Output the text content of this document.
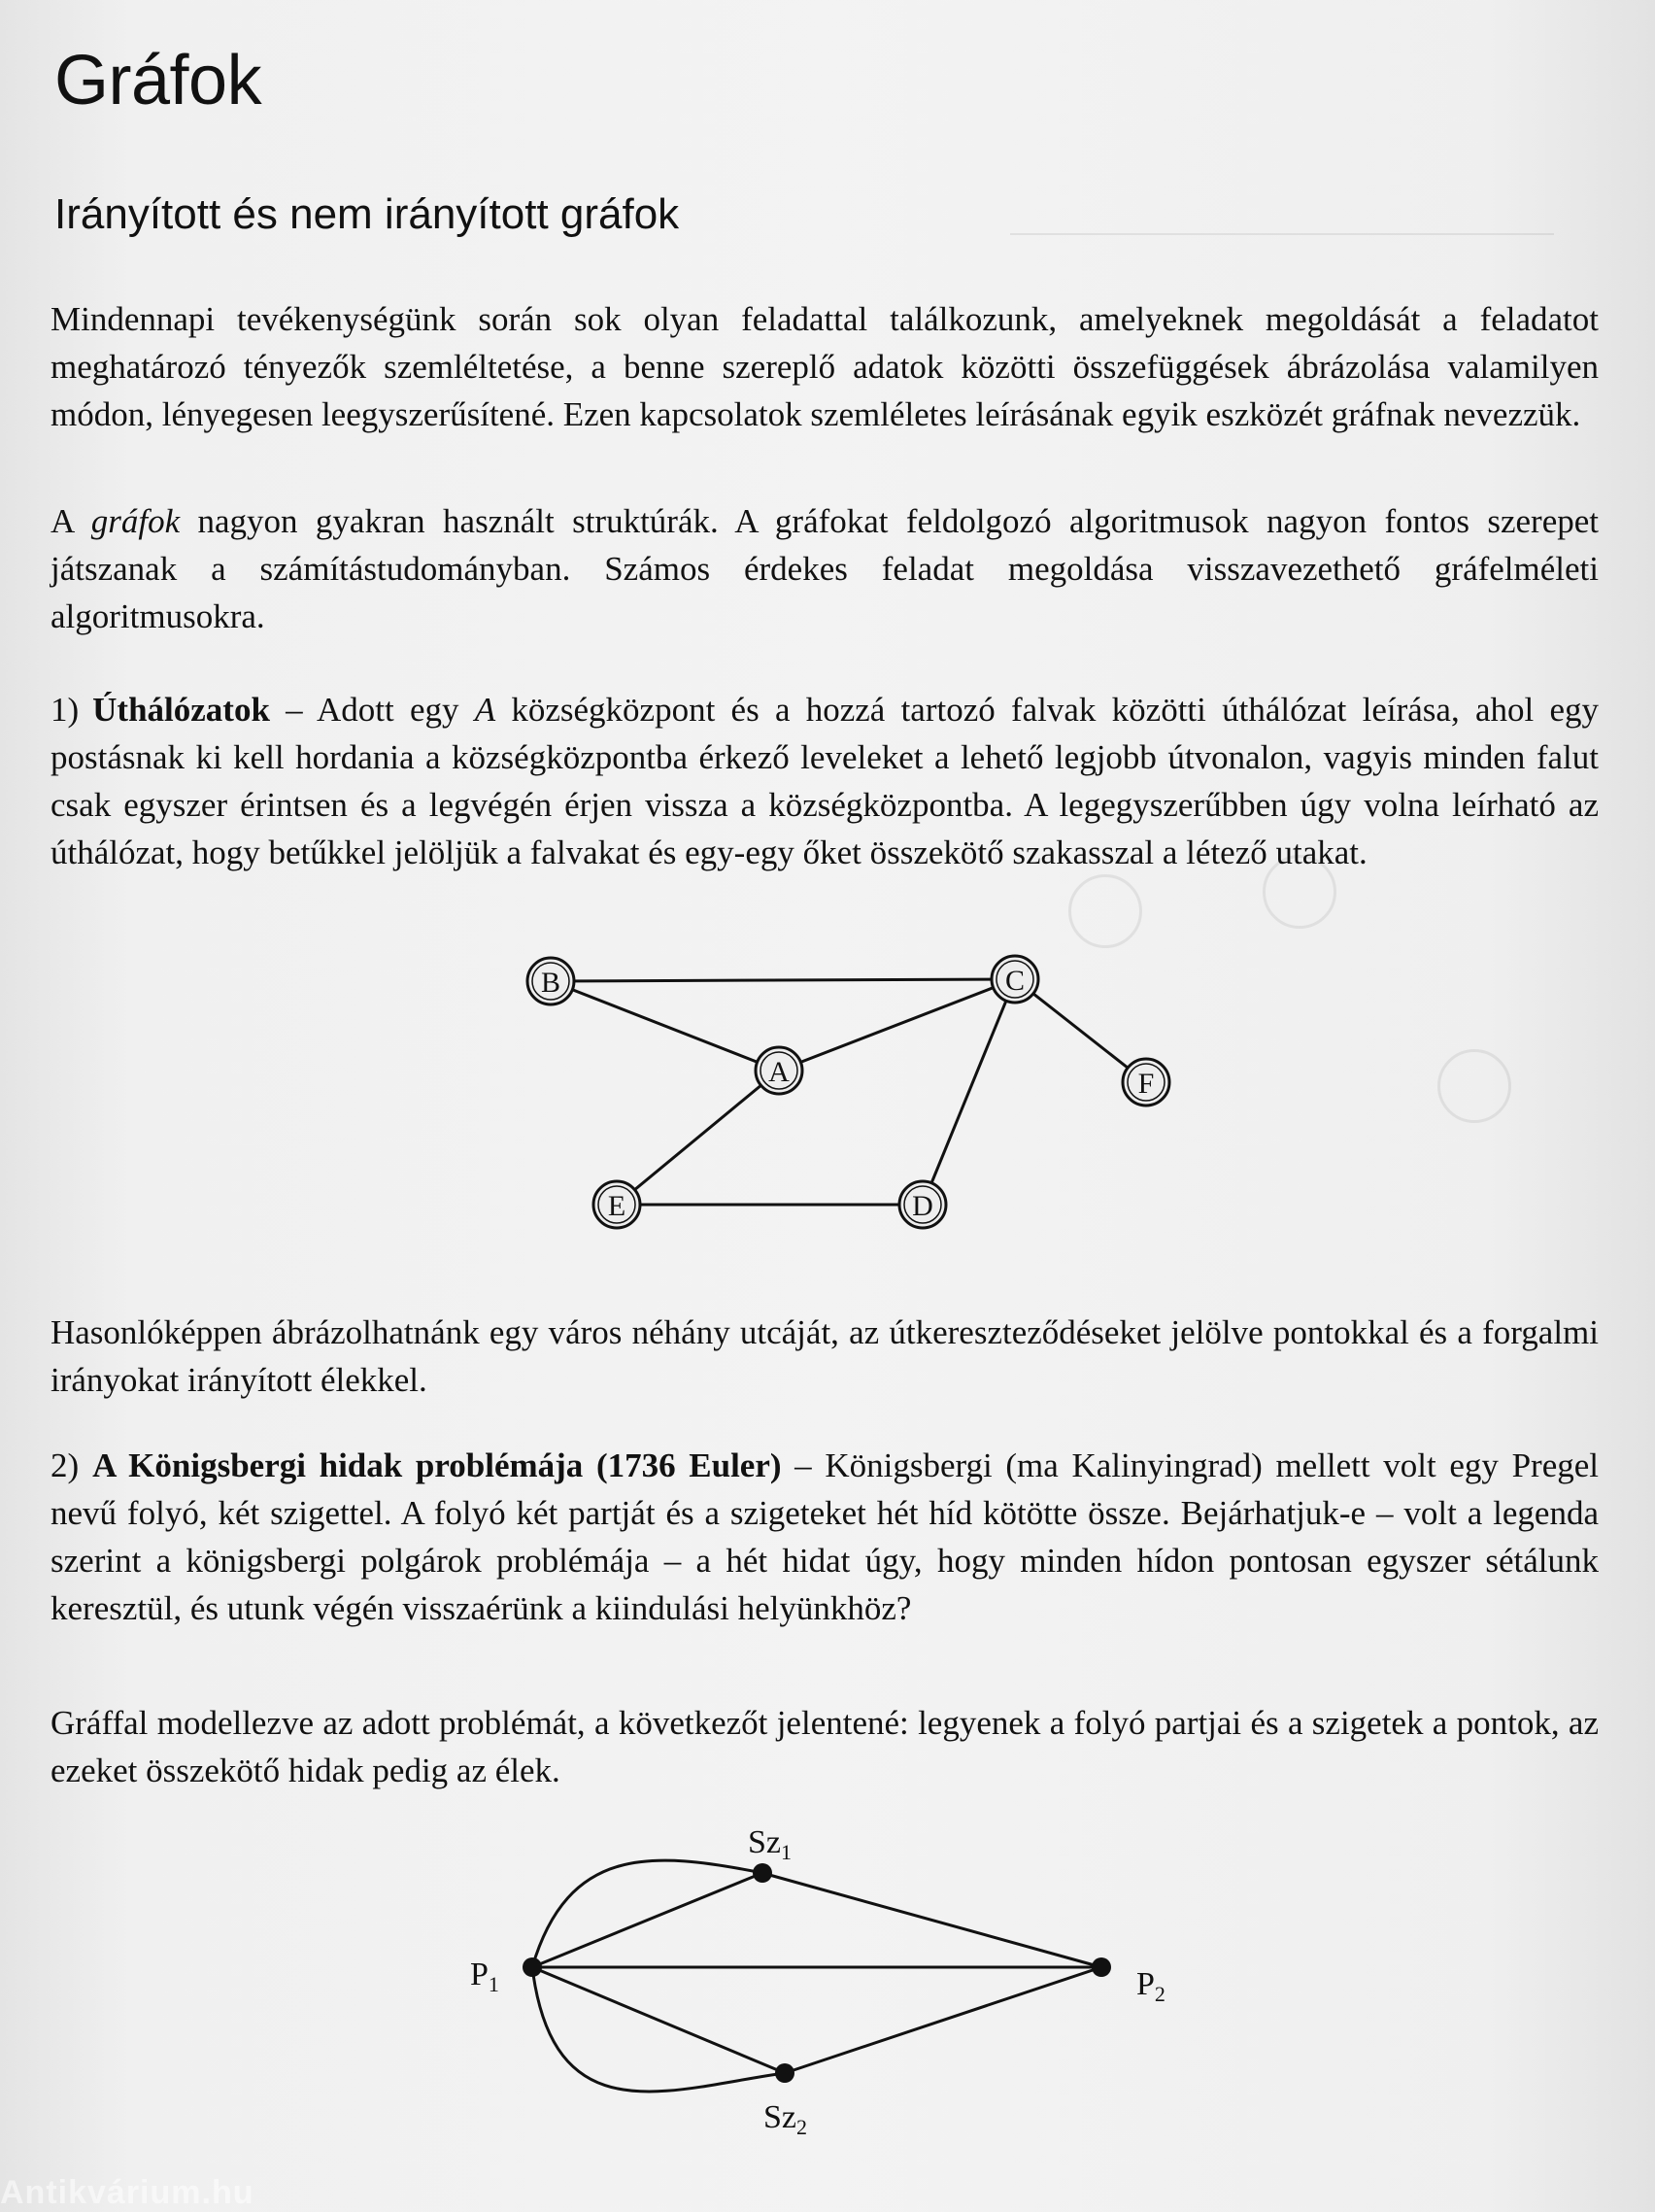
Gráfok
Irányított és nem irányított gráfok

Mindennapi tevékenységünk során sok olyan feladattal találkozunk, amelyeknek megoldását a feladatot meghatározó tényezők szemléltetése, a benne szereplő adatok közötti összefüggések ábrázolása valamilyen módon, lényegesen leegyszerűsítené. Ezen kapcsolatok szemléletes leírásának egyik eszközét gráfnak nevezzük.

A gráfok nagyon gyakran használt struktúrák. A gráfokat feldolgozó algoritmusok nagyon fontos szerepet játszanak a számítástudományban. Számos érdekes feladat megoldása visszavezethető gráfelméleti algoritmusokra.

1) Úthálózatok – Adott egy A községközpont és a hozzá tartozó falvak közötti úthálózat leírása, ahol egy postásnak ki kell hordania a községközpontba érkező leveleket a lehető legjobb útvonalon, vagyis minden falut csak egyszer érintsen és a legvégén érjen vissza a községközpontba. A legegyszerűbben úgy volna leírható az úthálózat, hogy betűkkel jelöljük a falvakat és egy-egy őket összekötő szakasszal a létező utakat.

B	C
A	F
E	D

Hasonlóképpen ábrázolhatnánk egy város néhány utcáját, az útkereszteződéseket jelölve pontokkal és a forgalmi irányokat irányított élekkel.

2) A Königsbergi hidak problémája (1736 Euler) – Königsbergi (ma Kalinyingrad) mellett volt egy Pregel nevű folyó, két szigettel. A folyó két partját és a szigeteket hét híd kötötte össze. Bejárhatjuk-e – volt a legenda szerint a königsbergi polgárok problémája – a hét hidat úgy, hogy minden hídon pontosan egyszer sétálunk keresztül, és utunk végén visszaérünk a kiindulási helyünkhöz?

Gráffal modellezve az adott problémát, a következőt jelentené: legyenek a folyó partjai és a szigetek a pontok, az ezeket összekötő hidak pedig az élek.

$Sz_1$
$Sz_2$
$P_1$	$P_2$
Antikvárium.hu
